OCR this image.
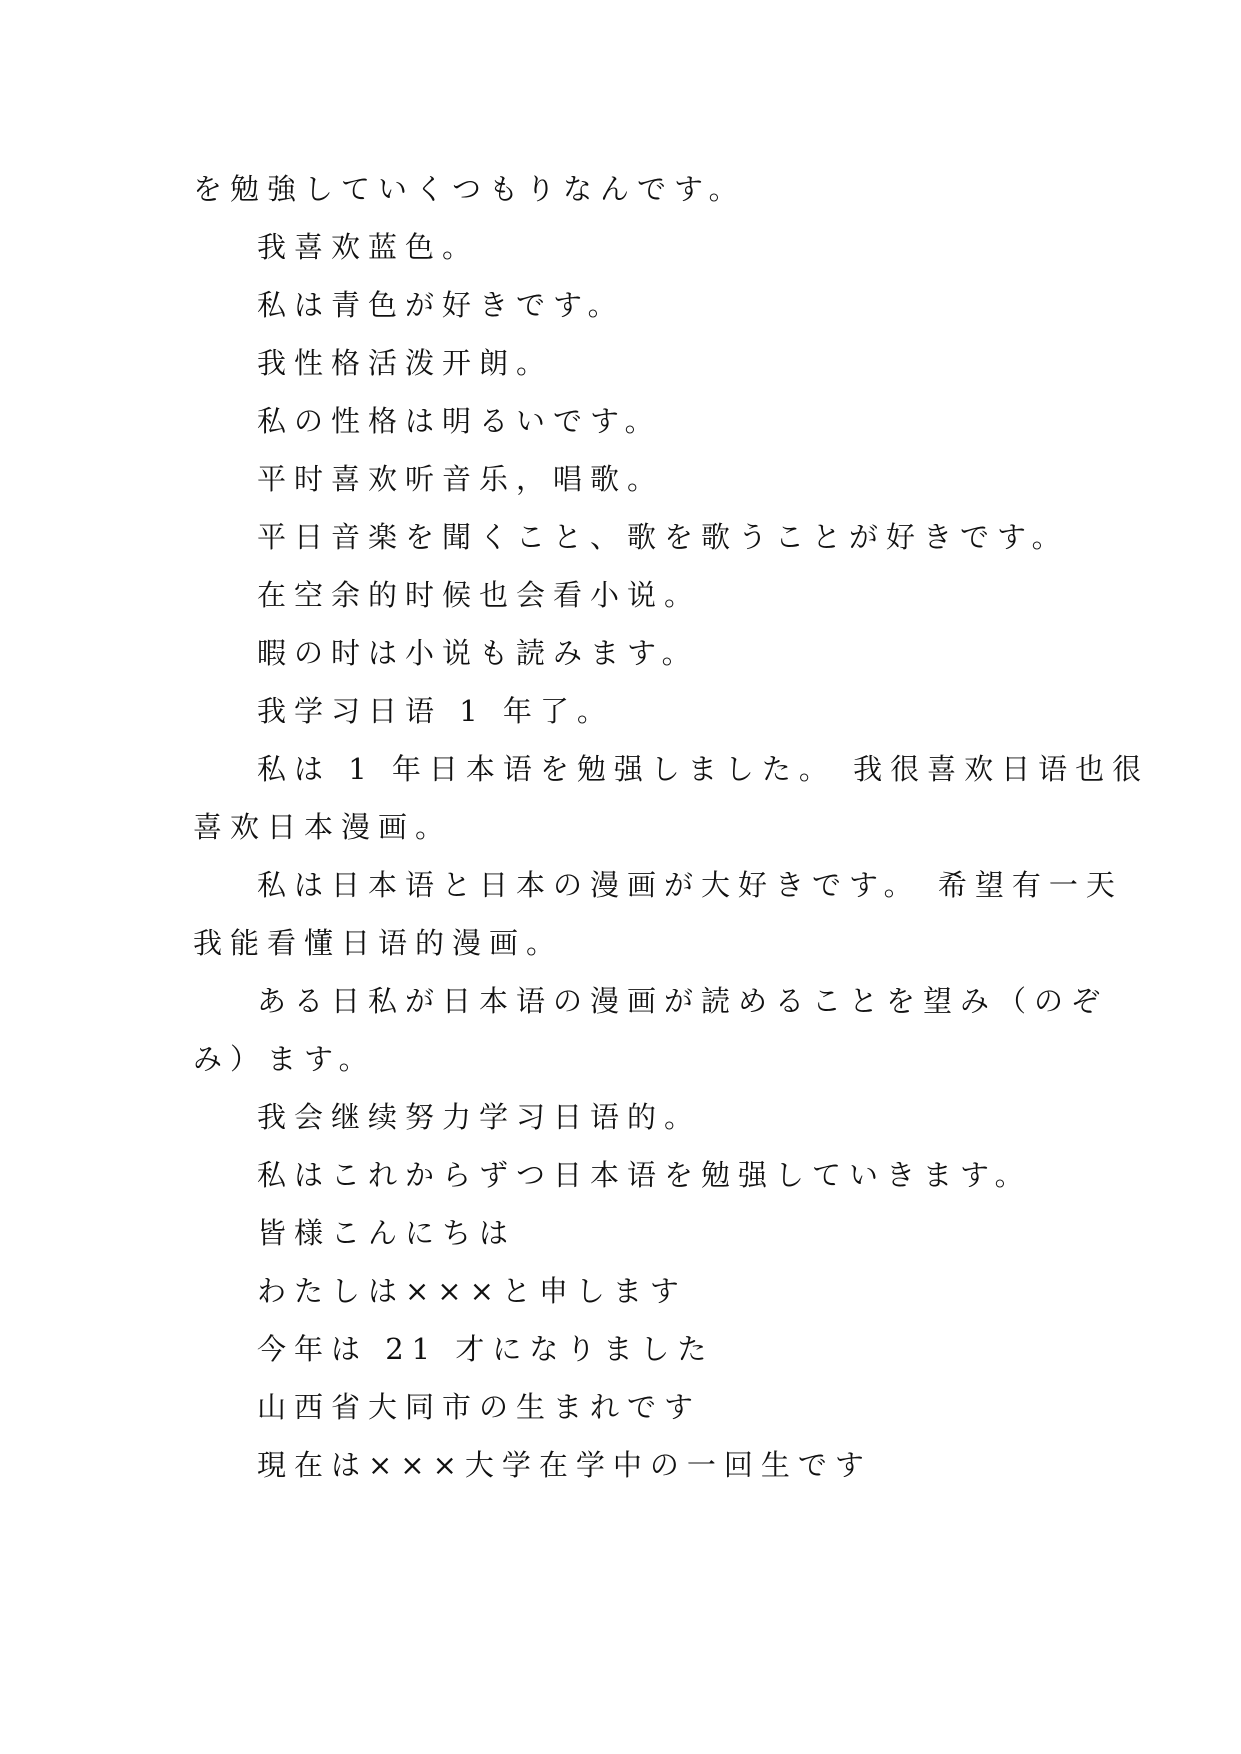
を勉強していくつもりなんです。

我喜欢蓝色。

私は青色が好きです。

我性格活泼开朗。

私の性格は明るいです。

平时喜欢听音乐，唱歌。

平日音楽を聞くこと、歌を歌うことが好きです。

在空余的时候也会看小说。

暇の时は小说も読みます。

我学习日语 1 年了。

私は 1 年日本语を勉强しました。 我很喜欢日语也很

喜欢日本漫画。

私は日本语と日本の漫画が大好きです。 希望有一天

我能看懂日语的漫画。

ある日私が日本语の漫画が読めることを望み（のぞ

み）ます。

我会继续努力学习日语的。

私はこれからずつ日本语を勉强していきます。

皆様こんにちは

わたしは×××と申します

今年は 21 才になりました

山西省大同市の生まれです

現在は×××大学在学中の一回生です
